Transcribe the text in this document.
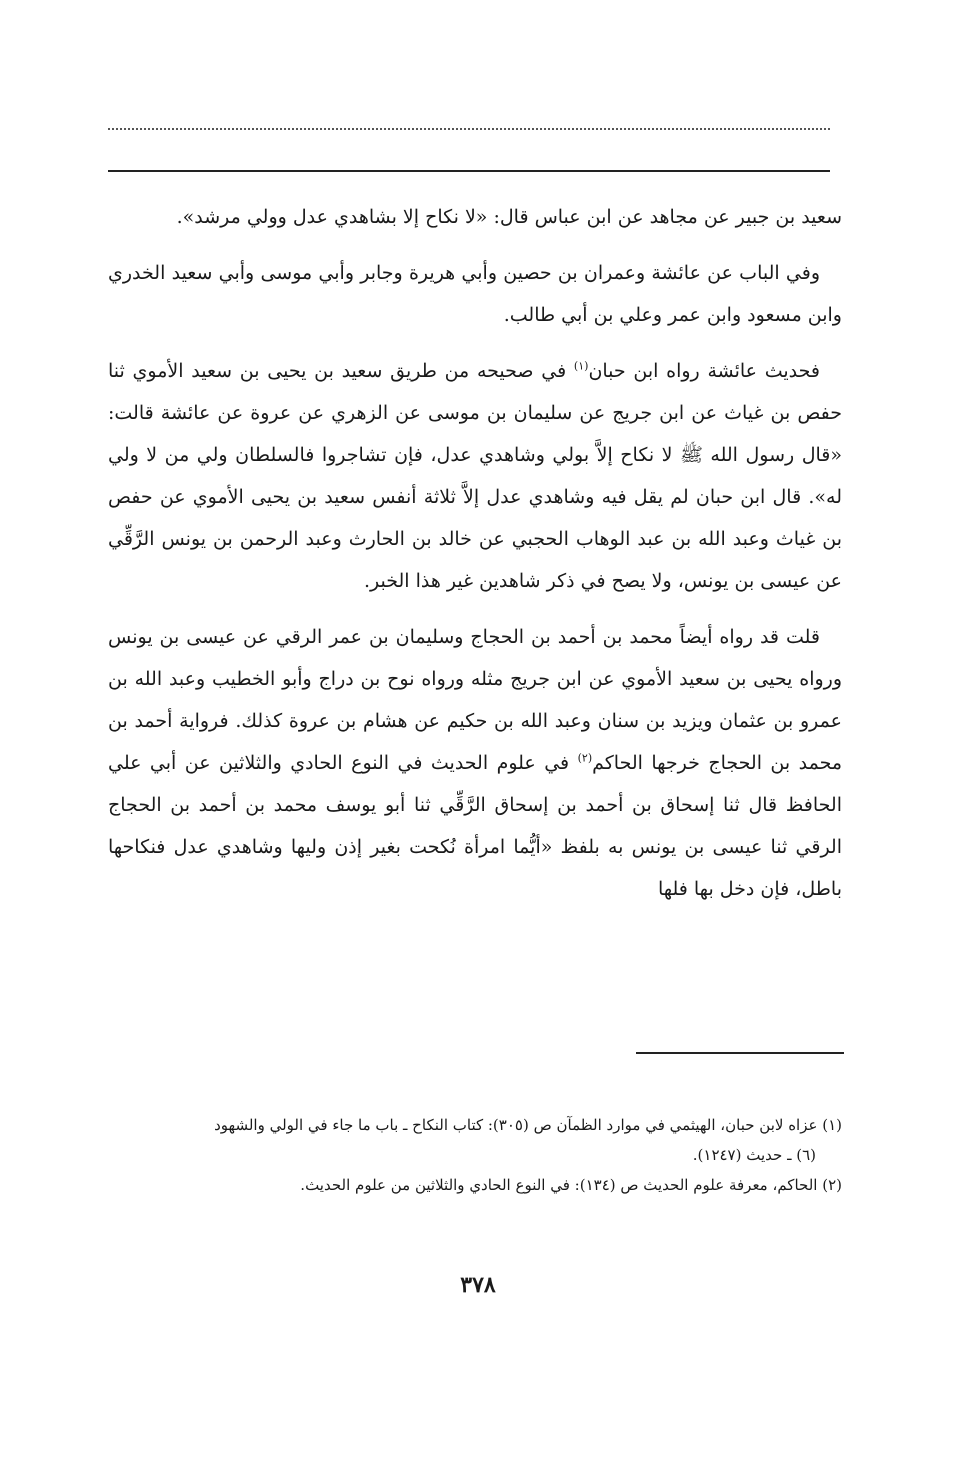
سعيد بن جبير عن مجاهد عن ابن عباس قال: «لا نكاح إلا بشاهدي عدل وولي مرشد».

وفي الباب عن عائشة وعمران بن حصين وأبي هريرة وجابر وأبي موسى وأبي سعيد الخدري وابن مسعود وابن عمر وعلي بن أبي طالب.

فحديث عائشة رواه ابن حبان$^{(١)}$ في صحيحه من طريق سعيد بن يحيى بن سعيد الأموي ثنا حفص بن غياث عن ابن جريج عن سليمان بن موسى عن الزهري عن عروة عن عائشة قالت: «قال رسول الله ﷺ لا نكاح إلاَّ بولي وشاهدي عدل، فإن تشاجروا فالسلطان ولي من لا ولي له». قال ابن حبان لم يقل فيه وشاهدي عدل إلاَّ ثلاثة أنفس سعيد بن يحيى الأموي عن حفص بن غياث وعبد الله بن عبد الوهاب الحجبي عن خالد بن الحارث وعبد الرحمن بن يونس الرَّقِّي عن عيسى بن يونس، ولا يصح في ذكر شاهدين غير هذا الخبر.

قلت قد رواه أيضاً محمد بن أحمد بن الحجاج وسليمان بن عمر الرقي عن عيسى بن يونس ورواه يحيى بن سعيد الأموي عن ابن جريج مثله ورواه نوح بن دراج وأبو الخطيب وعبد الله بن عمرو بن عثمان ويزيد بن سنان وعبد الله بن حكيم عن هشام بن عروة كذلك. فرواية أحمد بن محمد بن الحجاج خرجها الحاكم$^{(٢)}$ في علوم الحديث في النوع الحادي والثلاثين عن أبي علي الحافظ قال ثنا إسحاق بن أحمد بن إسحاق الرَّقِّي ثنا أبو يوسف محمد بن أحمد بن الحجاج الرقي ثنا عيسى بن يونس به بلفظ «أيُّما امرأة نُكحت بغير إذن وليها وشاهدي عدل فنكاحها باطل، فإن دخل بها فلها

(١) عزاه لابن حبان، الهيثمي في موارد الظمآن ص (٣٠٥): كتاب النكاح ـ باب ما جاء في الولي والشهود

(٦) ـ حديث (١٢٤٧).

(٢) الحاكم، معرفة علوم الحديث ص (١٣٤): في النوع الحادي والثلاثين من علوم الحديث.

٣٧٨
